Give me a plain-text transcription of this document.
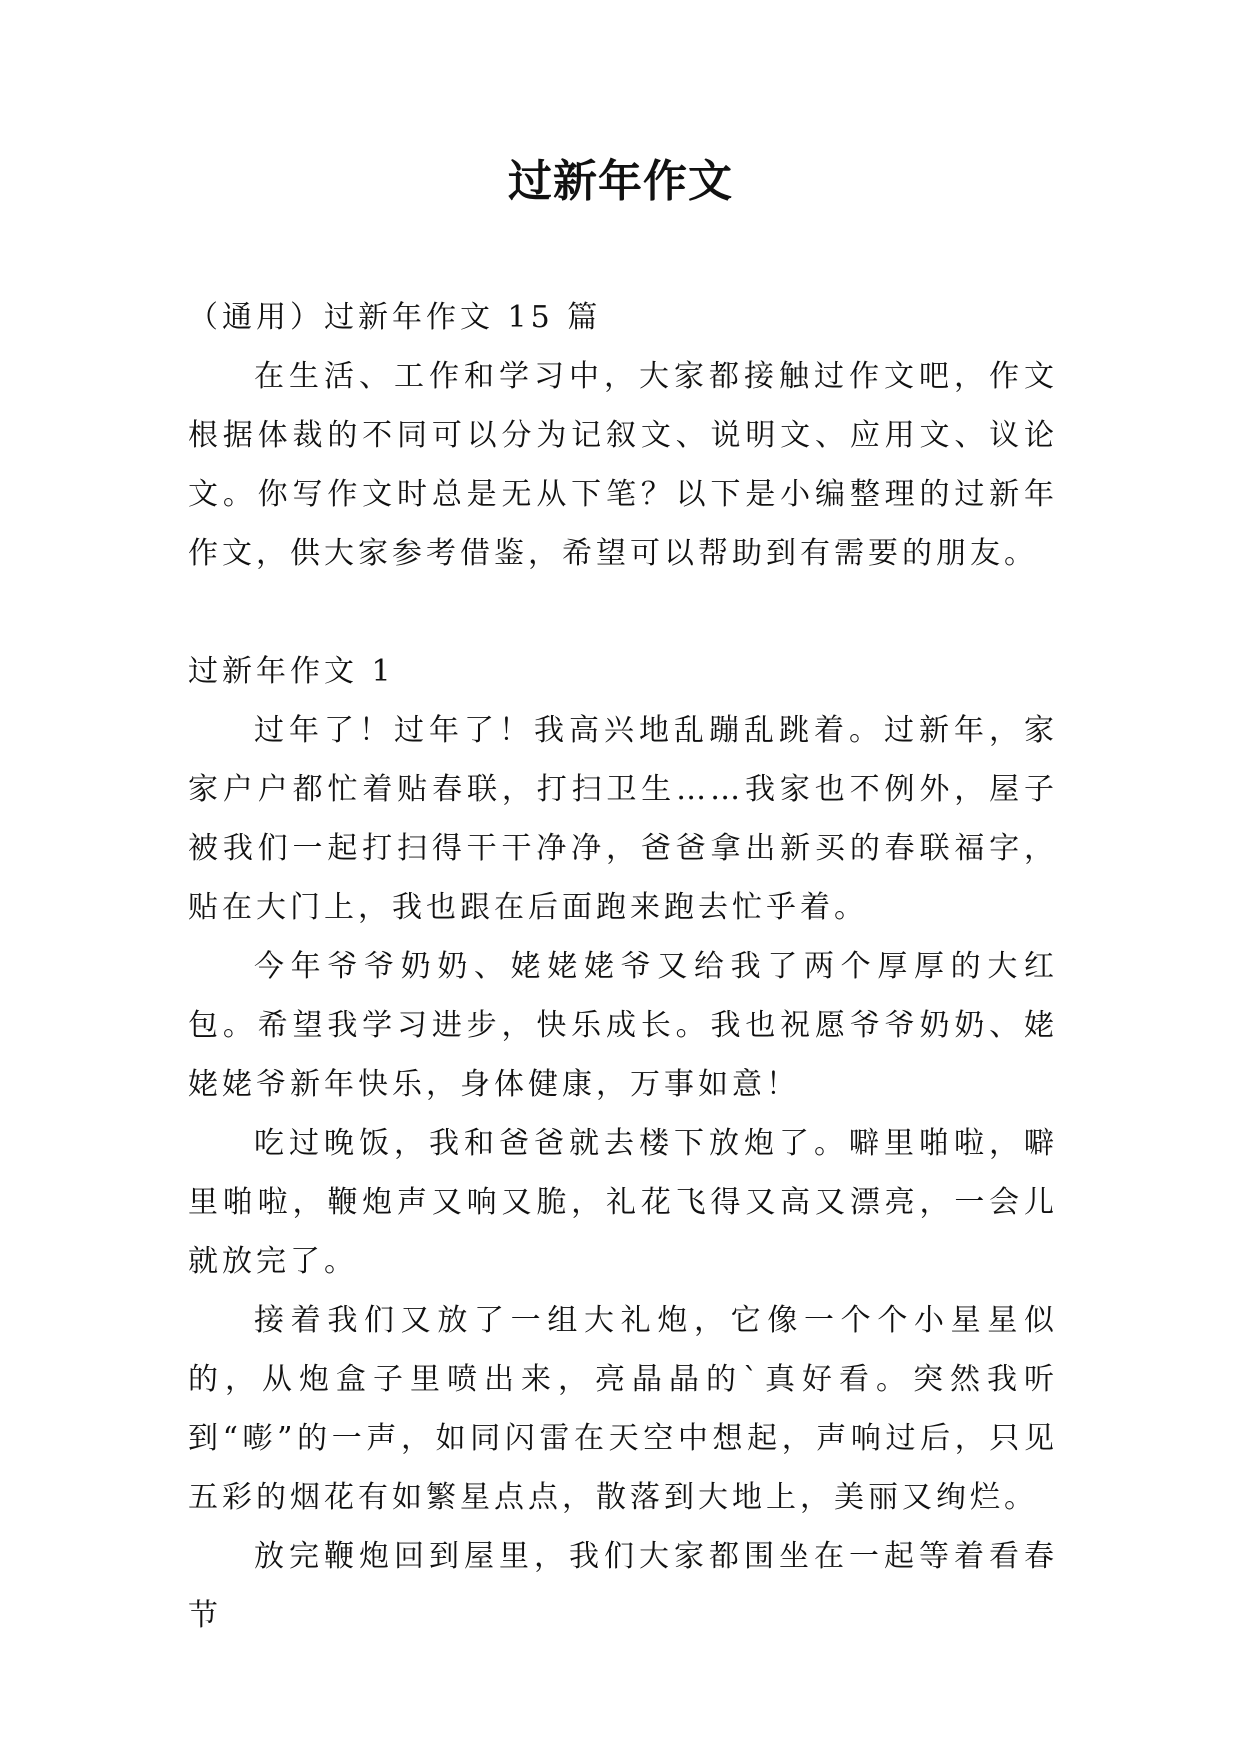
过新年作文

（通用）过新年作文 15 篇

在生活、工作和学习中，大家都接触过作文吧，作文根据体裁的不同可以分为记叙文、说明文、应用文、议论文。你写作文时总是无从下笔？以下是小编整理的过新年作文，供大家参考借鉴，希望可以帮助到有需要的朋友。

过新年作文 1

过年了！过年了！我高兴地乱蹦乱跳着。过新年，家家户户都忙着贴春联，打扫卫生……我家也不例外，屋子被我们一起打扫得干干净净，爸爸拿出新买的春联福字，贴在大门上，我也跟在后面跑来跑去忙乎着。

今年爷爷奶奶、姥姥姥爷又给我了两个厚厚的大红包。希望我学习进步，快乐成长。我也祝愿爷爷奶奶、姥姥姥爷新年快乐，身体健康，万事如意！

吃过晚饭，我和爸爸就去楼下放炮了。噼里啪啦，噼里啪啦，鞭炮声又响又脆，礼花飞得又高又漂亮，一会儿就放完了。

接着我们又放了一组大礼炮，它像一个个小星星似的，从炮盒子里喷出来，亮晶晶的`真好看。突然我听到“嘭”的一声，如同闪雷在天空中想起，声响过后，只见五彩的烟花有如繁星点点，散落到大地上，美丽又绚烂。

放完鞭炮回到屋里，我们大家都围坐在一起等着看春节
